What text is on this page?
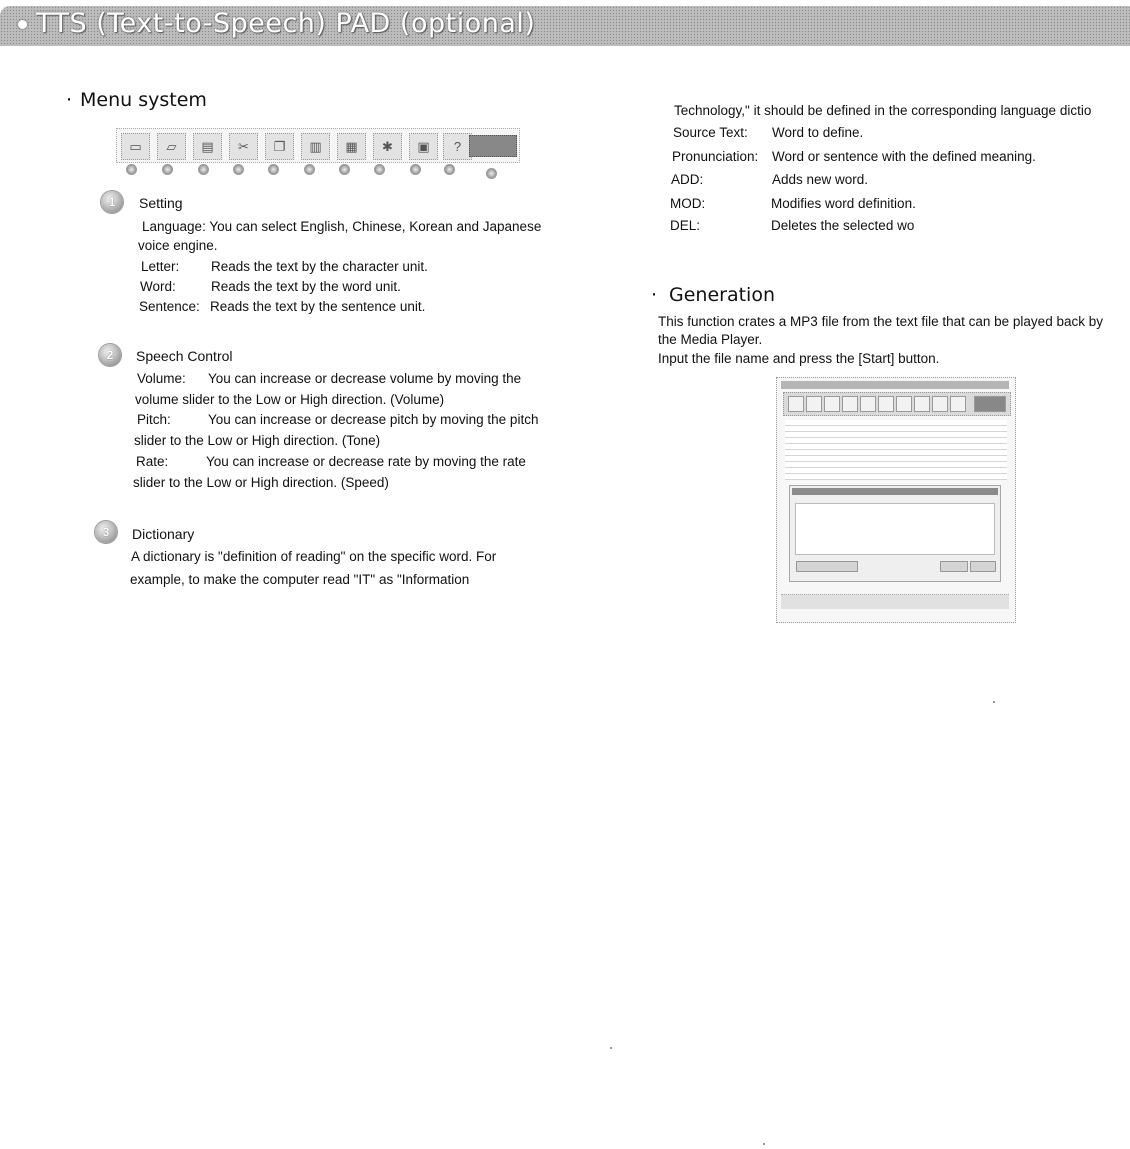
TTS (Text-to-Speech) PAD (optional)
· Menu system
▭	▱	▤	✂	❐	▥	▦	✱	▣	?
1	Setting
Language: You can select English, Chinese, Korean and Japanese
voice engine.
Letter: Reads the text by the character unit.
Word:	Reads the text by the word unit.
Sentence: Reads the text by the sentence unit.
2	Speech Control
Volume: You can increase or decrease volume by moving the
volume slider to the Low or High direction. (Volume)
Pitch:	You can increase or decrease pitch by moving the pitch
slider to the Low or High direction. (Tone)
Rate:	You can increase or decrease rate by moving the rate
slider to the Low or High direction. (Speed)
3	Dictionary
A dictionary is "definition of reading" on the specific word. For
example, to make the computer read "IT" as "Information
Technology," it should be defined in the corresponding language dictio
Source Text: Word to define.
Pronunciation: Word or sentence with the defined meaning.
ADD:	Adds new word.
MOD:	Modifies word definition.
DEL:	Deletes the selected wo
· Generation
This function crates a MP3 file from the text file that can be played back by
the Media Player.
Input the file name and press the [Start] button.
